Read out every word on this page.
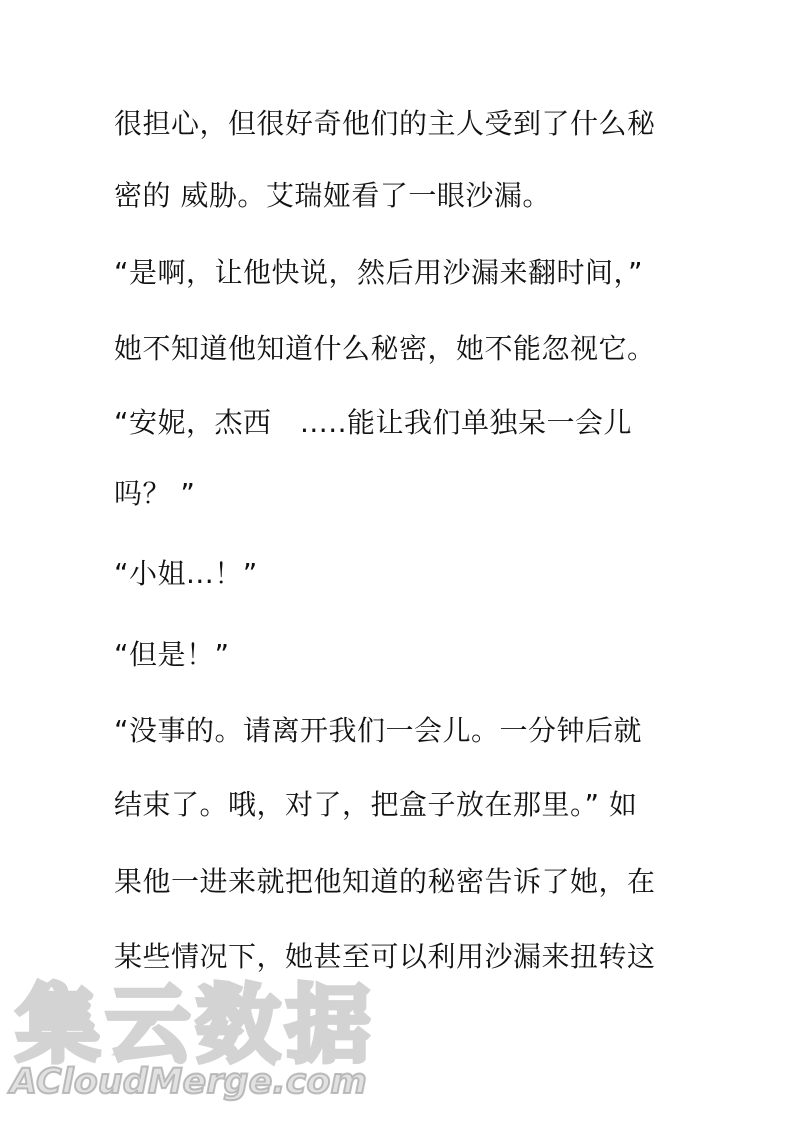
很担心，但很好奇他们的主人受到了什么秘
密的 威胁。艾瑞娅看了一眼沙漏。
“是啊，让他快说，然后用沙漏来翻时间，”
她不知道他知道什么秘密，她不能忽视它。
“安妮，杰西　.....能让我们单独呆一会儿
吗？ ”
“小姐...！”
“但是！”
“没事的。请离开我们一会儿。一分钟后就
结束了。哦，对了，把盒子放在那里。” 如
果他一进来就把他知道的秘密告诉了她，在
某些情况下，她甚至可以利用沙漏来扭转这
集云数据
ACloudMerge.com
